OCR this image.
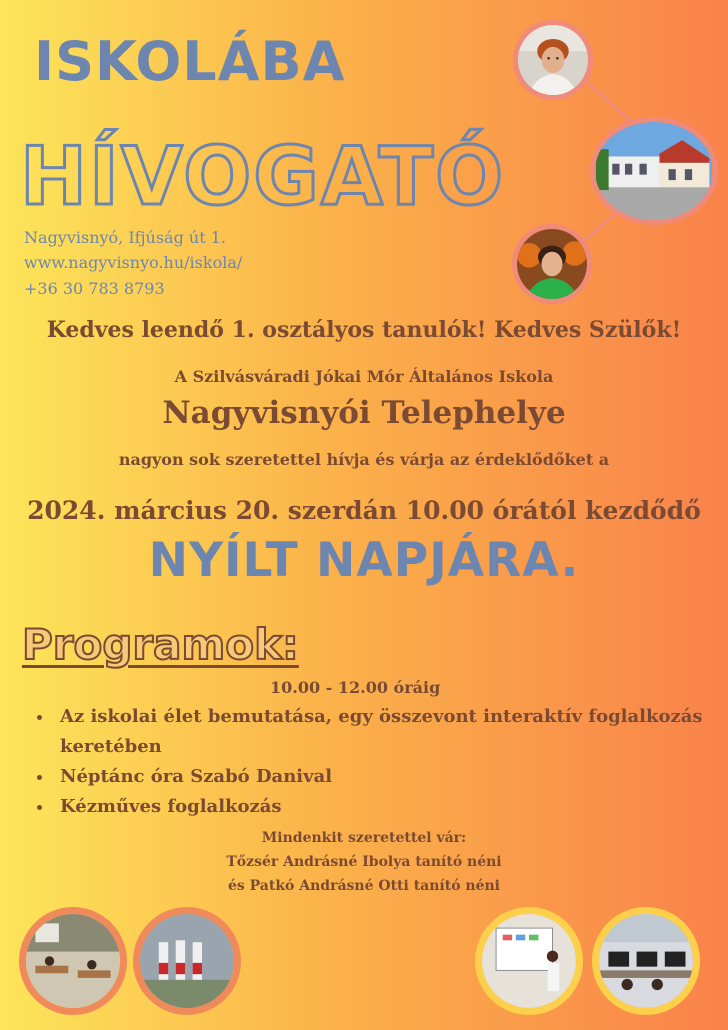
ISKOLÁBA
HÍVOGATÓ
Nagyvisnyó, Ifjúság út 1.
www.nagyvisnyo.hu/iskola/
+36 30 783 8793
Kedves leendő 1. osztályos tanulók! Kedves Szülők!
A Szilvásváradi Jókai Mór Általános Iskola
Nagyvisnyói Telephelye
nagyon sok szeretettel hívja és várja az érdeklődőket a
2024. március 20. szerdán 10.00 órától kezdődő
NYÍLT NAPJÁRA.
Programok:
10.00 - 12.00 óráig
• Az iskolai élet bemutatása, egy összevont interaktív foglalkozás keretében
• Néptánc óra Szabó Danival
• Kézműves foglalkozás
Mindenkit szeretettel vár:
Tőzsér Andrásné Ibolya tanító néni
és Patkó Andrásné Otti tanító néni
